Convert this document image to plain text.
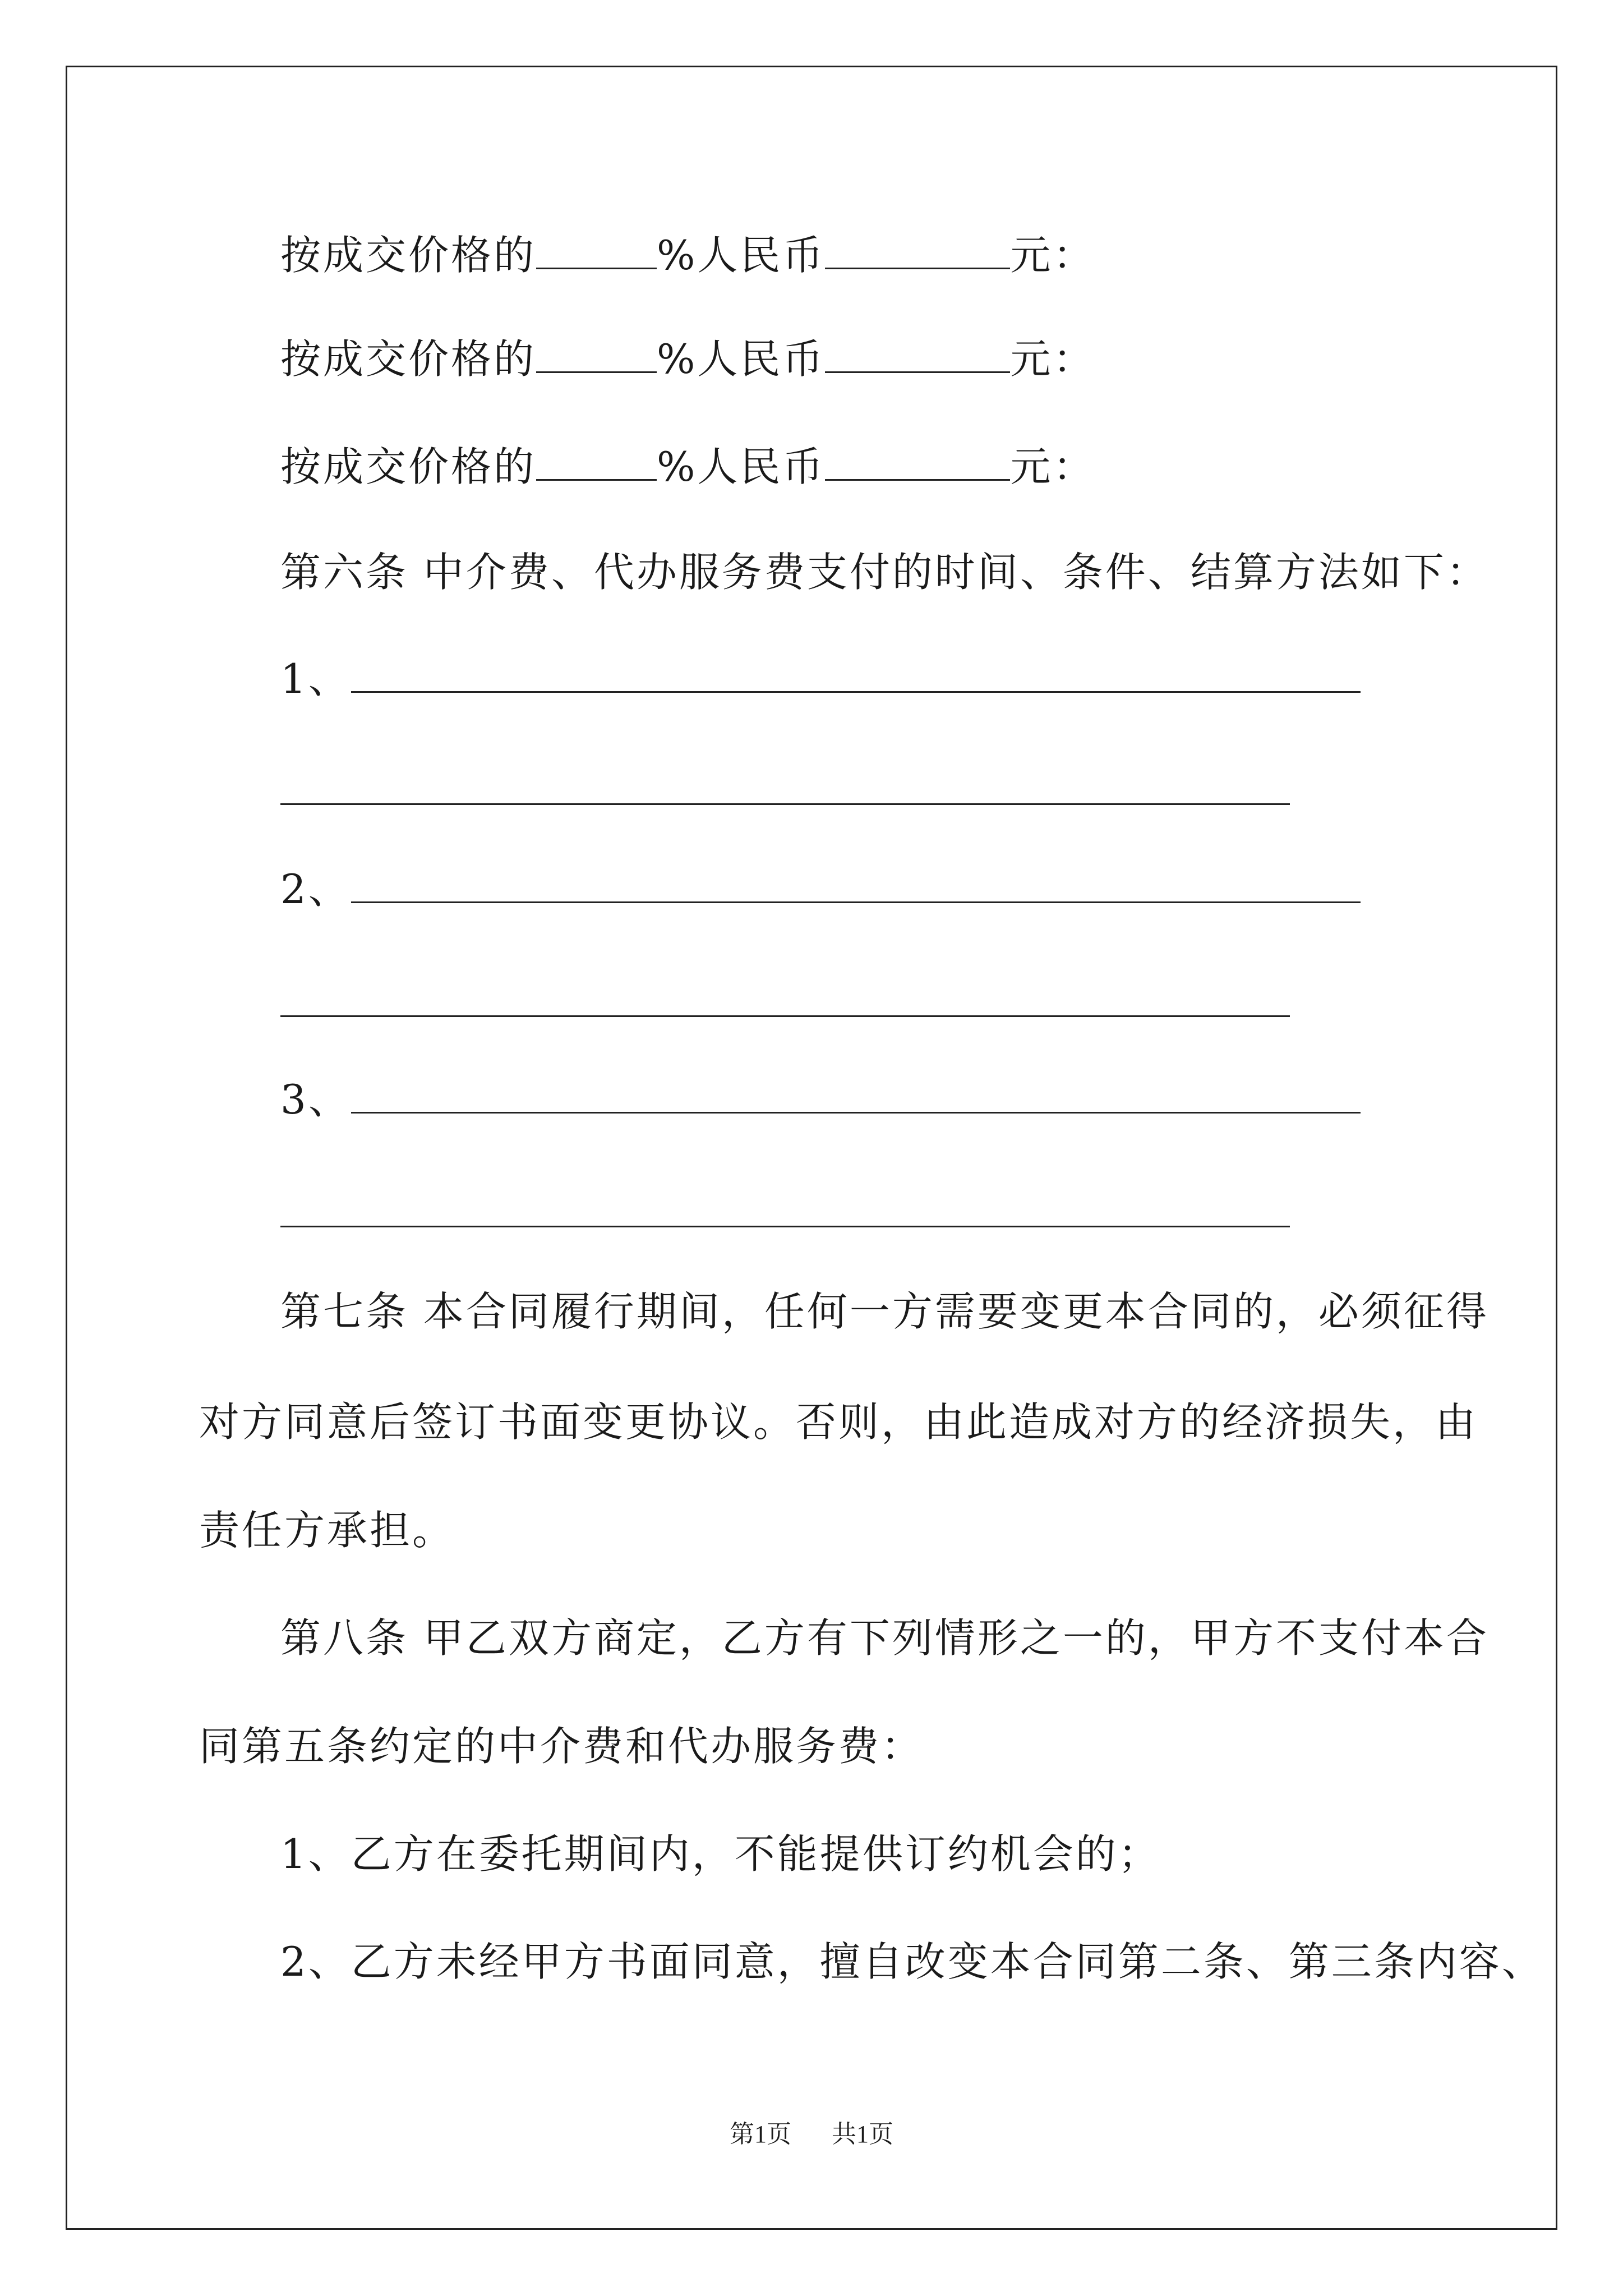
按成交价格的	%人民币	元：
按成交价格的	%人民币	元：
按成交价格的	%人民币	元：
第六条 中介费、代办服务费支付的时间、条件、结算方法如下：
1、
2、
3、
第七条 本合同履行期间，任何一方需要变更本合同的，必须征得
对方同意后签订书面变更协议。否则，由此造成对方的经济损失，由
责任方承担。
第八条 甲乙双方商定，乙方有下列情形之一的，甲方不支付本合
同第五条约定的中介费和代办服务费：
1、乙方在委托期间内，不能提供订约机会的；
2、乙方未经甲方书面同意，擅自改变本合同第二条、第三条内容、
第1页 共1页
